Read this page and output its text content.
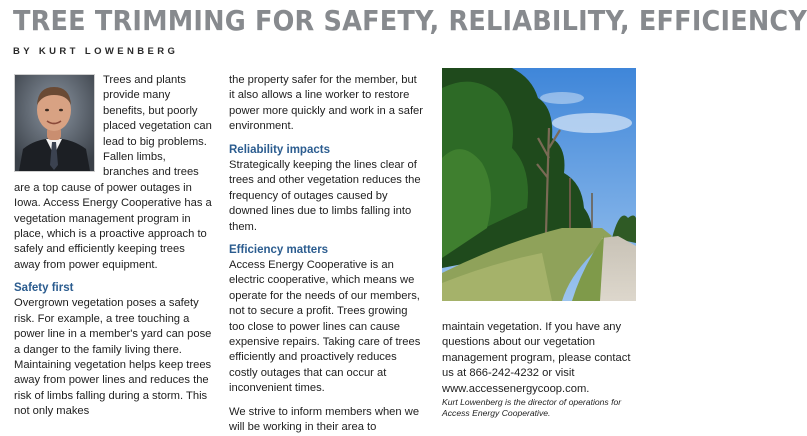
TREE TRIMMING FOR SAFETY, RELIABILITY, EFFICIENCY
BY KURT LOWENBERG

Trees and plants provide many benefits, but poorly placed vegetation can lead to big problems. Fallen limbs, branches and trees are a top cause of power outages in Iowa. Access Energy Cooperative has a vegetation management program in place, which is a proactive approach to safely and efficiently keeping trees away from power equipment.

Safety first

Overgrown vegetation poses a safety risk. For example, a tree touching a power line in a member's yard can pose a danger to the family living there. Maintaining vegetation helps keep trees away from power lines and reduces the risk of limbs falling during a storm. This not only makes

the property safer for the member, but it also allows a line worker to restore power more quickly and work in a safer environment.

Reliability impacts

Strategically keeping the lines clear of trees and other vegetation reduces the frequency of outages caused by downed lines due to limbs falling into them.

Efficiency matters

Access Energy Cooperative is an electric cooperative, which means we operate for the needs of our members, not to secure a profit. Trees growing too close to power lines can cause expensive repairs. Taking care of trees efficiently and proactively reduces costly outages that can occur at inconvenient times.

We strive to inform members when we will be working in their area to

maintain vegetation. If you have any questions about our vegetation management program, please contact us at 866-242-4232 or visit www.accessenergycoop.com.

Kurt Lowenberg is the director of operations for Access Energy Cooperative.
